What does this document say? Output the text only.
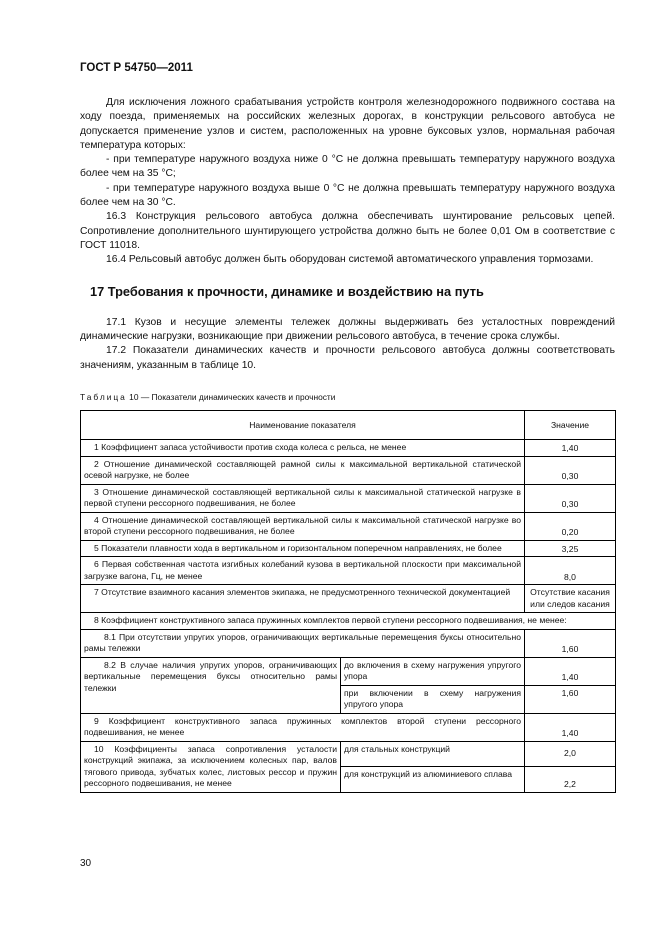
ГОСТ Р 54750—2011

Для исключения ложного срабатывания устройств контроля железнодорожного подвижного состава на ходу поезда, применяемых на российских железных дорогах, в конструкции рельсового автобуса не допускается применение узлов и систем, расположенных на уровне буксовых узлов, нормальная рабочая температура которых:

- при температуре наружного воздуха ниже 0 °С не должна превышать температуру наружного воздуха более чем на 35 °С;

- при температуре наружного воздуха выше 0 °С не должна превышать температуру наружного воздуха более чем на 30 °С.

16.3 Конструкция рельсового автобуса должна обеспечивать шунтирование рельсовых цепей. Сопротивление дополнительного шунтирующего устройства должно быть не более 0,01 Ом в соответствие с ГОСТ 11018.

16.4 Рельсовый автобус должен быть оборудован системой автоматического управления тормозами.

17 Требования к прочности, динамике и воздействию на путь

17.1 Кузов и несущие элементы тележек должны выдерживать без усталостных повреждений динамические нагрузки, возникающие при движении рельсового автобуса, в течение срока службы.

17.2 Показатели динамических качеств и прочности рельсового автобуса должны соответствовать значениям, указанным в таблице 10.

Таблица 10 — Показатели динамических качеств и прочности
Наименование показателя		Значение
1 Коэффициент запаса устойчивости против схода колеса с рельса, не менее		1,40
2 Отношение динамической составляющей рамной силы к максимальной вертикальной статической осевой нагрузке, не более		0,30
3 Отношение динамической составляющей вертикальной силы к максимальной статической нагрузке в первой ступени рессорного подвешивания, не более		0,30
4 Отношение динамической составляющей вертикальной силы к максимальной статической нагрузке во второй ступени рессорного подвешивания, не более		0,20
5 Показатели плавности хода в вертикальном и горизонтальном поперечном направлениях, не более		3,25
6 Первая собственная частота изгибных колебаний кузова в вертикальной плоскости при максимальной загрузке вагона, Гц, не менее		8,0
7 Отсутствие взаимного касания элементов экипажа, не предусмотренного технической документацией		Отсутствие касания или следов касания
8 Коэффициент конструктивного запаса пружинных комплектов первой ступени рессорного подвешивания, не менее:		
8.1 При отсутствии упругих упоров, ограничивающих вертикальные перемещения буксы относительно рамы тележки		1,60
8.2 В случае наличия упругих упоров, ограничивающих вертикальные перемещения буксы относительно рамы тележки	до включения в схему нагружения упругого упора	1,40
	при включении в схему нагружения упругого упора	1,60
9 Коэффициент конструктивного запаса пружинных комплектов второй ступени рессорного подвешивания, не менее		1,40
10 Коэффициенты запаса сопротивления усталости конструкций экипажа, за исключением колесных пар, валов тягового привода, зубчатых колес, листовых рессор и пружин рессорного подвешивания, не менее	для стальных конструкций	2,0
	для конструкций из алюминиевого сплава	2,2
30
